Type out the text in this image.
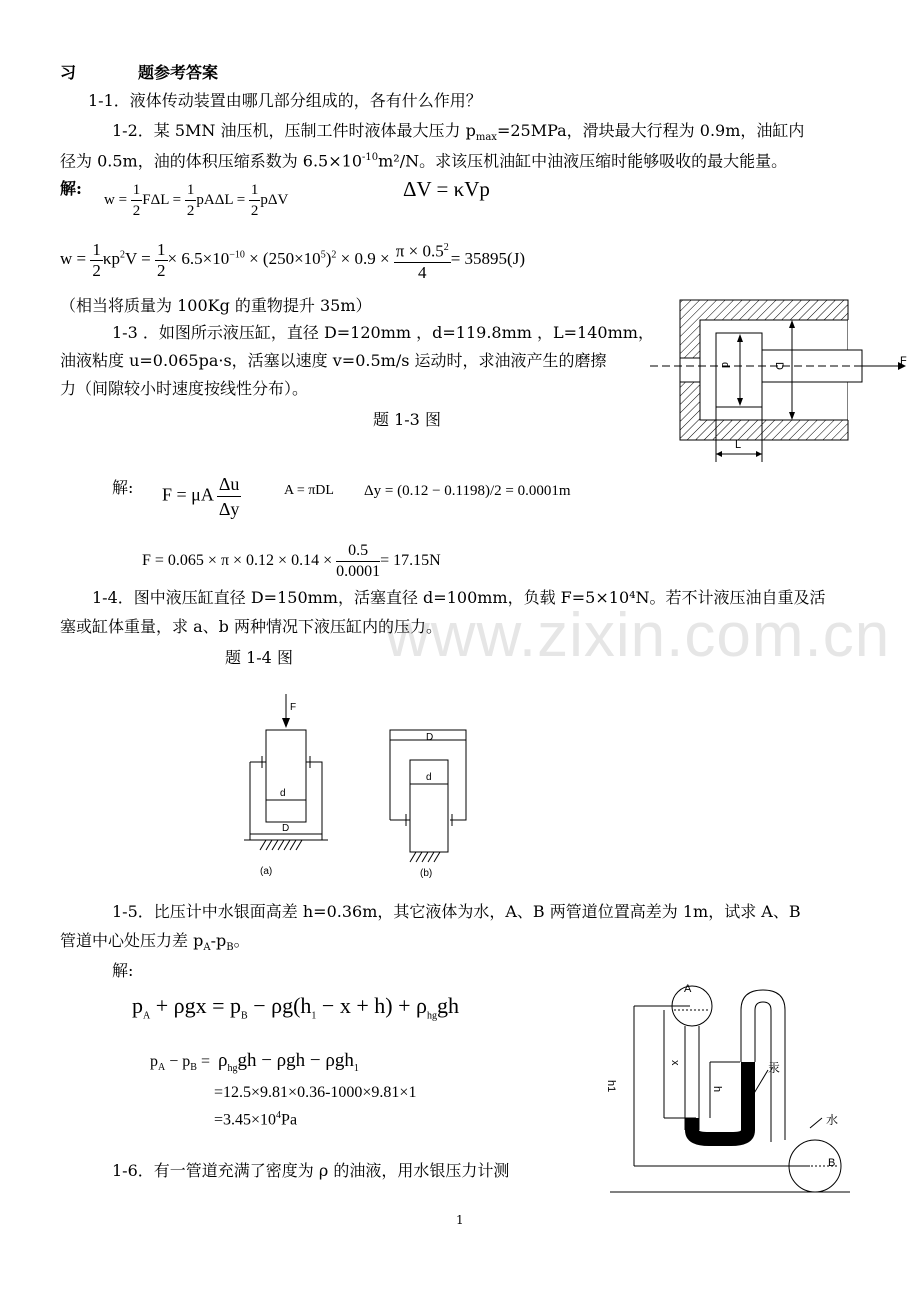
www.zixin.com.cn
习	题参考答案
1-1．液体传动装置由哪几部分组成的，各有什么作用？
1-2．某 5MN 油压机，压制工件时液体最大压力 $p_{max}=25MPa$，滑块最大行程为 0.9m，油缸内
径为 0.5m，油的体积压缩系数为 $6.5\times 10^{-10}m^2/N$。求该压机油缸中油液压缩时能够吸收的最大能量。
解:
$w = \frac{1}{2}$ $F\Delta L = \frac{1}{2}$ $pA\Delta L = \frac{1}{2}$ pΔV	ΔV = κVp
$w = \frac{1}{2} \kappa p^2V = \frac{1}{2} \times 6.5\times 10^{-10} \times (250\times 10^5)^2 \times 0.9 \times \frac{\pi \times 0.5^2}{4} = 35895(J)$
（相当将质量为 100Kg 的重物提升 35m）
1-3 ．如图所示液压缸，直径 D=120mm ，d=119.8mm ，L=140mm，
油液粘度 u=0.065pa·s，活塞以速度 v=0.5m/s 运动时，求油液产生的磨擦
力（间隙较小时速度按线性分布）。
题 1-3 图
F
d	D
L
解: F = μA $\frac{\Delta u}{\Delta y}$	A = πDL Δy = (0.12 − 0.1198)/2 = 0.0001m
$F = 0.065 \times \pi \times 0.12 \times 0.14 \times \frac{0.5}{0.0001} = 17.15N$
1-4．图中液压缸直径 D=150mm，活塞直径 d=100mm，负载 F=5×10⁴N。若不计液压油自重及活
塞或缸体重量，求 a、b 两种情况下液压缸内的压力。
题 1-4 图
d
D
F
(a)
D
d
(b)
1-5．比压计中水银面高差 h=0.36m，其它液体为水，A、B 两管道位置高差为 1m，试求 A、B
管道中心处压力差 $p_A-p_B$。
解:
$p_A + \rho gx = p_B - \rho g(h_1 - x + h) + \rho_{hg}gh$
$p_A - p_B = \rho_{hg}gh - \rho gh - \rho gh_1$
=12.5×9.81×0.36-1000×9.81×1
$=3.45\times 10^4Pa$
A
B
h1
x
h
汞
水
1-6．有一管道充满了密度为 ρ 的油液，用水银压力计测
1
